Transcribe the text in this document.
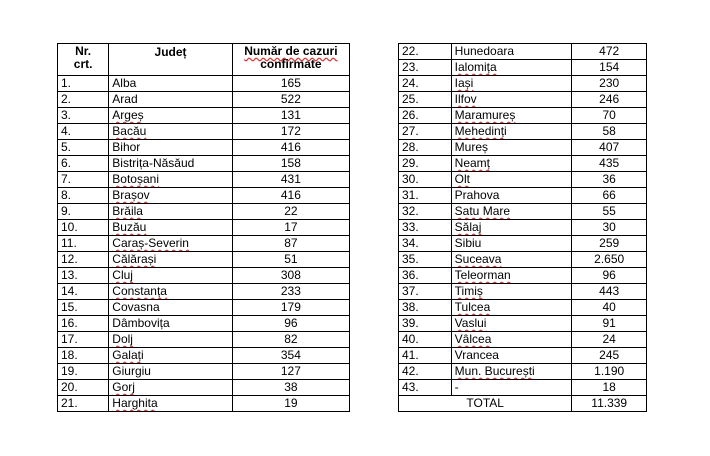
Nr.
crt.	Județ	Număr de cazuri
confirmate
1.	Alba	165
2.	Arad	522
3.	Argeș	131
4.	Bacău	172
5.	Bihor	416
6.	Bistrița-Năsăud	158
7.	Botoșani	431
8.	Brașov	416
9.	Brăila	22
10.	Buzău	17
11.	Caraș-Severin	87
12.	Călărași	51
13.	Cluj	308
14.	Constanța	233
15.	Covasna	179
16.	Dâmbovița	96
17.	Dolj	82
18.	Galați	354
19.	Giurgiu	127
20.	Gorj	38
21.	Harghita	19
22.	Hunedoara	472
23.	Ialomița	154
24.	Iași	230
25.	Ilfov	246
26.	Maramureș	70
27.	Mehedinți	58
28.	Mureș	407
29.	Neamț	435
30.	Olt	36
31.	Prahova	66
32.	Satu Mare	55
33.	Sălaj	30
34.	Sibiu	259
35.	Suceava	2.650
36.	Teleorman	96
37.	Timiș	443
38.	Tulcea	40
39.	Vaslui	91
40.	Vâlcea	24
41.	Vrancea	245
42.	Mun. București	1.190
43.	-	18
TOTAL		11.339
